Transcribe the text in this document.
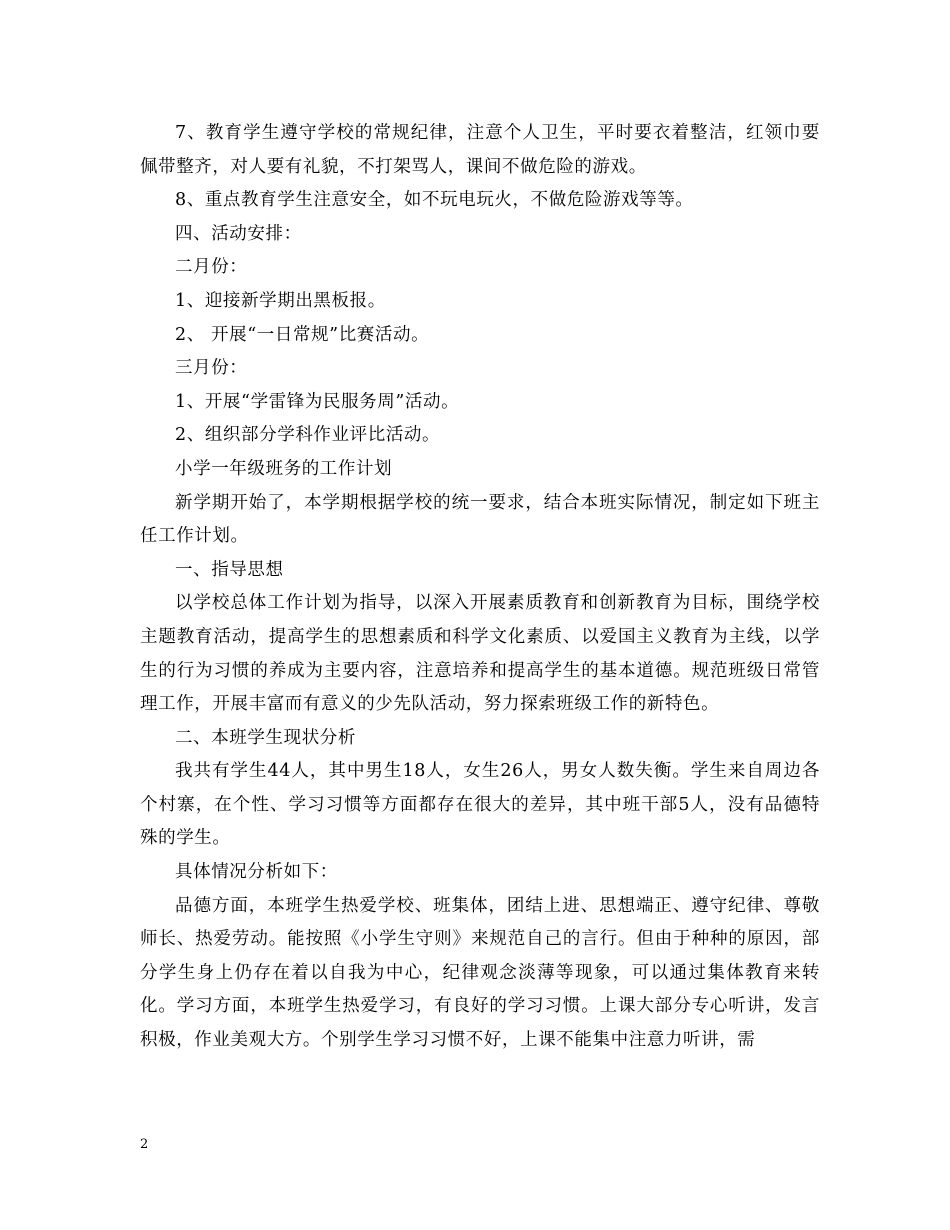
7、教育学生遵守学校的常规纪律，注意个人卫生，平时要衣着整洁，红领巾要佩带整齐，对人要有礼貌，不打架骂人，课间不做危险的游戏。

8、重点教育学生注意安全，如不玩电玩火，不做危险游戏等等。

四、活动安排：

二月份：

1、迎接新学期出黑板报。

2、 开展“一日常规”比赛活动。

三月份：

1、开展“学雷锋为民服务周”活动。

2、组织部分学科作业评比活动。

小学一年级班务的工作计划

新学期开始了，本学期根据学校的统一要求，结合本班实际情况，制定如下班主任工作计划。

一、指导思想

以学校总体工作计划为指导，以深入开展素质教育和创新教育为目标，围绕学校主题教育活动，提高学生的思想素质和科学文化素质、以爱国主义教育为主线，以学生的行为习惯的养成为主要内容，注意培养和提高学生的基本道德。规范班级日常管理工作，开展丰富而有意义的少先队活动，努力探索班级工作的新特色。

二、本班学生现状分析

我共有学生44人，其中男生18人，女生26人，男女人数失衡。学生来自周边各个村寨，在个性、学习习惯等方面都存在很大的差异，其中班干部5人，没有品德特殊的学生。

具体情况分析如下：

品德方面，本班学生热爱学校、班集体，团结上进、思想端正、遵守纪律、尊敬师长、热爱劳动。能按照《小学生守则》来规范自己的言行。但由于种种的原因，部分学生身上仍存在着以自我为中心，纪律观念淡薄等现象，可以通过集体教育来转化。学习方面，本班学生热爱学习，有良好的学习习惯。上课大部分专心听讲，发言积极，作业美观大方。个别学生学习习惯不好，上课不能集中注意力听讲，需

2
